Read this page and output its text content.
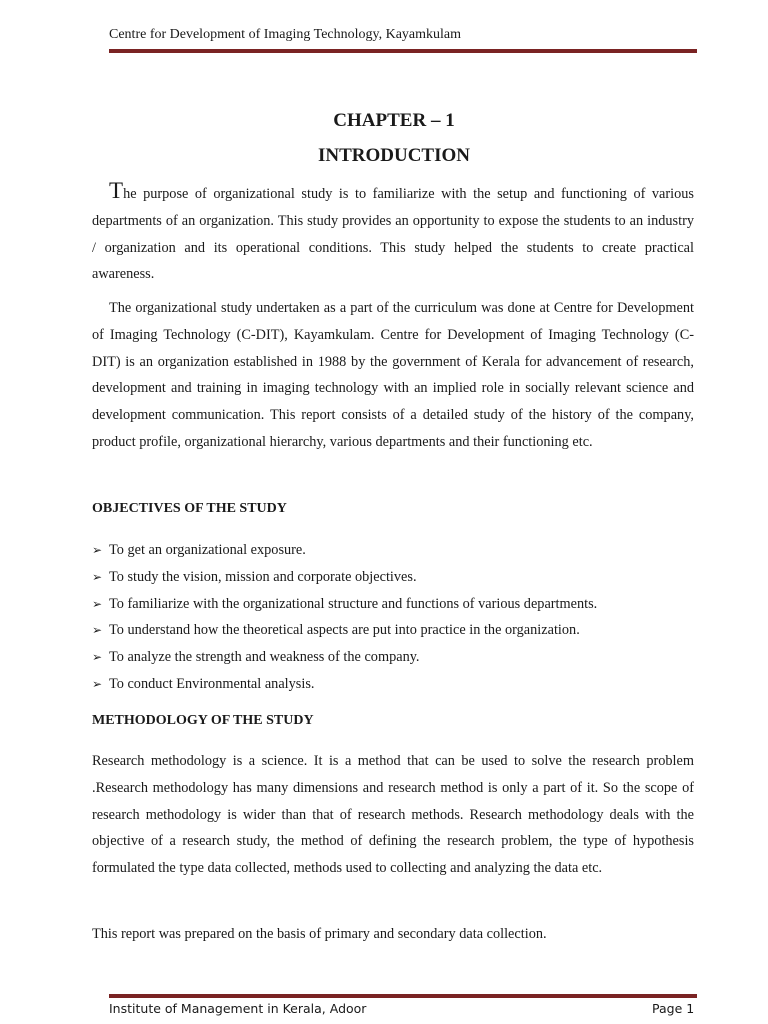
Centre for Development of Imaging Technology, Kayamkulam
CHAPTER – 1
INTRODUCTION

The purpose of organizational study is to familiarize with the setup and functioning of various departments of an organization. This study provides an opportunity to expose the students to an industry / organization and its operational conditions. This study helped the students to create practical awareness.

The organizational study undertaken as a part of the curriculum was done at Centre for Development of Imaging Technology (C-DIT), Kayamkulam. Centre for Development of Imaging Technology (C-DIT) is an organization established in 1988 by the government of Kerala for advancement of research, development and training in imaging technology with an implied role in socially relevant science and development communication. This report consists of a detailed study of the history of the company, product profile, organizational hierarchy, various departments and their functioning etc.

OBJECTIVES OF THE STUDY
➢ To get an organizational exposure.
➢ To study the vision, mission and corporate objectives.
➢ To familiarize with the organizational structure and functions of various departments.
➢ To understand how the theoretical aspects are put into practice in the organization.
➢ To analyze the strength and weakness of the company.
➢ To conduct Environmental analysis.
METHODOLOGY OF THE STUDY

Research methodology is a science. It is a method that can be used to solve the research problem .Research methodology has many dimensions and research method is only a part of it. So the scope of research methodology is wider than that of research methods. Research methodology deals with the objective of a research study, the method of defining the research problem, the type of hypothesis formulated the type data collected, methods used to collecting and analyzing the data etc.

This report was prepared on the basis of primary and secondary data collection.

Institute of Management in Kerala, Adoor	Page 1
